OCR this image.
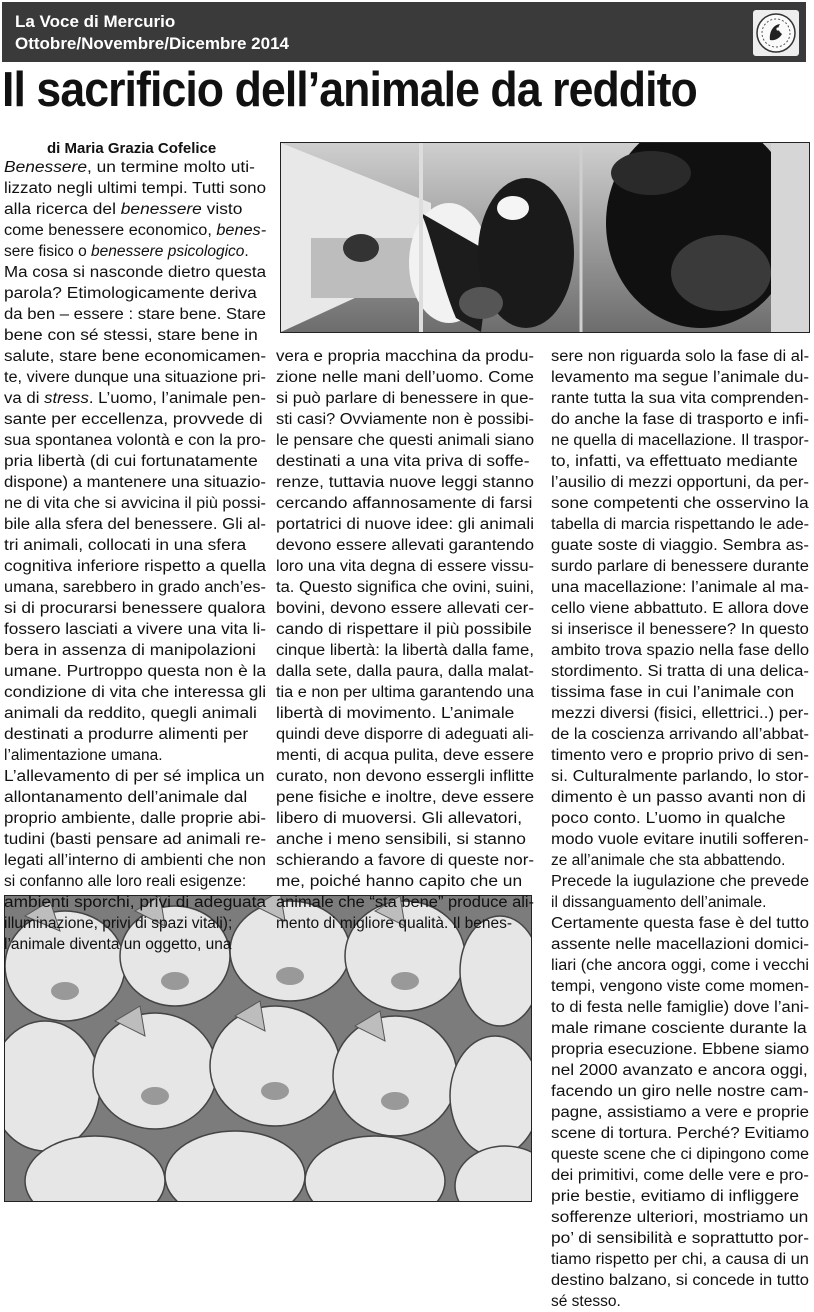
La Voce di Mercurio
Ottobre/Novembre/Dicembre 2014
Il sacrificio dell’animale da reddito
di Maria Grazia Cofelice
Benessere, un termine molto uti-
lizzato negli ultimi tempi. Tutti sono
alla ricerca del benessere visto
come benessere economico, benes-
sere fisico o benessere psicologico.
Ma cosa si nasconde dietro questa
parola? Etimologicamente deriva
da ben – essere : stare bene. Stare
bene con sé stessi, stare bene in
salute, stare bene economicamen-
te, vivere dunque una situazione pri-
va di stress. L’uomo, l’animale pen-
sante per eccellenza, provvede di
sua spontanea volontà e con la pro-
pria libertà (di cui fortunatamente
dispone) a mantenere una situazio-
ne di vita che si avvicina il più possi-
bile alla sfera del benessere. Gli al-
tri animali, collocati in una sfera
cognitiva inferiore rispetto a quella
umana, sarebbero in grado anch’es-
si di procurarsi benessere qualora
fossero lasciati a vivere una vita li-
bera in assenza di manipolazioni
umane. Purtroppo questa non è la
condizione di vita che interessa gli
animali da reddito, quegli animali
destinati a produrre alimenti per
l’alimentazione umana.
L’allevamento di per sé implica un
allontanamento dell’animale dal
proprio ambiente, dalle proprie abi-
tudini (basti pensare ad animali re-
legati all’interno di ambienti che non
si confanno alle loro reali esigenze:
ambienti sporchi, privi di adeguata
illuminazione, privi di spazi vitali);
l’animale diventa un oggetto, una
vera e propria macchina da produ-
zione nelle mani dell’uomo. Come
si può parlare di benessere in que-
sti casi? Ovviamente non è possibi-
le pensare che questi animali siano
destinati a una vita priva di soffe-
renze, tuttavia nuove leggi stanno
cercando affannosamente di farsi
portatrici di nuove idee: gli animali
devono essere allevati garantendo
loro una vita degna di essere vissu-
ta. Questo significa che ovini, suini,
bovini, devono essere allevati cer-
cando di rispettare il più possibile
cinque libertà: la libertà dalla fame,
dalla sete, dalla paura, dalla malat-
tia e non per ultima garantendo una
libertà di movimento. L’animale
quindi deve disporre di adeguati ali-
menti, di acqua pulita, deve essere
curato, non devono essergli inflitte
pene fisiche e inoltre, deve essere
libero di muoversi. Gli allevatori,
anche i meno sensibili, si stanno
schierando a favore di queste nor-
me, poiché hanno capito che un
animale che “sta bene” produce ali-
mento di migliore qualità. Il benes-
sere non riguarda solo la fase di al-
levamento ma segue l’animale du-
rante tutta la sua vita comprenden-
do anche la fase di trasporto e infi-
ne quella di macellazione. Il traspor-
to, infatti, va effettuato mediante
l’ausilio di mezzi opportuni, da per-
sone competenti che osservino la
tabella di marcia rispettando le ade-
guate soste di viaggio. Sembra as-
surdo parlare di benessere durante
una macellazione: l’animale al ma-
cello viene abbattuto. E allora dove
si inserisce il benessere? In questo
ambito trova spazio nella fase dello
stordimento. Si tratta di una delica-
tissima fase in cui l’animale con
mezzi diversi (fisici, ellettrici..) per-
de la coscienza arrivando all’abbat-
timento vero e proprio privo di sen-
si. Culturalmente parlando, lo stor-
dimento è un passo avanti non di
poco conto. L’uomo in qualche
modo vuole evitare inutili sofferen-
ze all’animale che sta abbattendo.
Precede la iugulazione che prevede
il dissanguamento dell’animale.
Certamente questa fase è del tutto
assente nelle macellazioni domici-
liari (che ancora oggi, come i vecchi
tempi, vengono viste come momen-
to di festa nelle famiglie) dove l’ani-
male rimane cosciente durante la
propria esecuzione. Ebbene siamo
nel 2000 avanzato e ancora oggi,
facendo un giro nelle nostre cam-
pagne, assistiamo a vere e proprie
scene di tortura. Perché? Evitiamo
queste scene che ci dipingono come
dei primitivi, come delle vere e pro-
prie bestie, evitiamo di infliggere
sofferenze ulteriori, mostriamo un
po’ di sensibilità e soprattutto por-
tiamo rispetto per chi, a causa di un
destino balzano, si concede in tutto
sé stesso.
